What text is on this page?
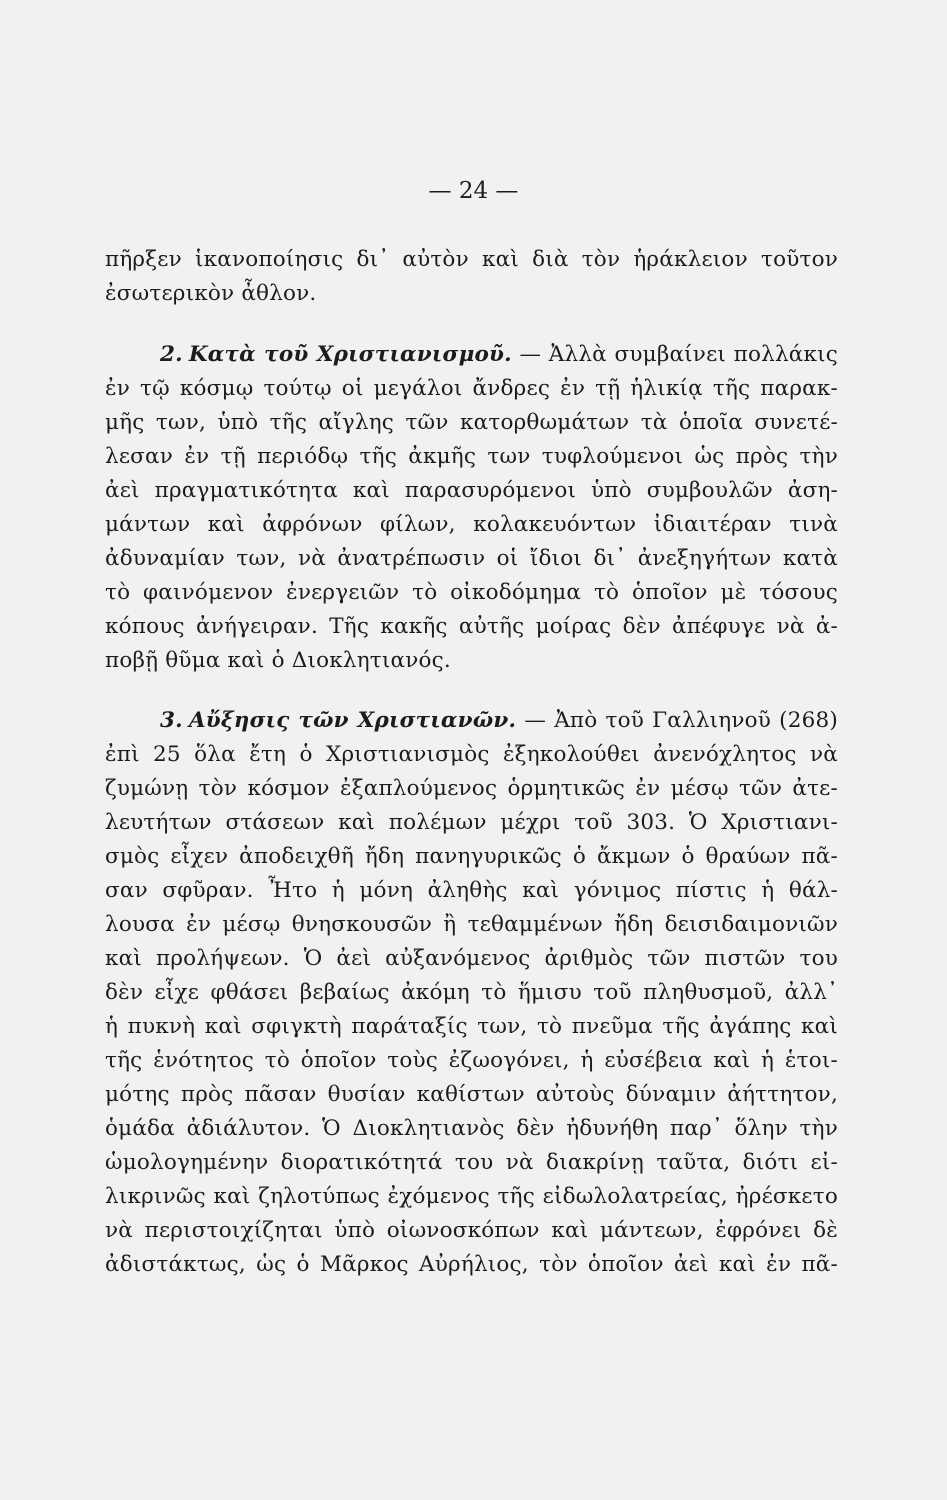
— 24 —
πῆρξεν ἱκανοποίησις δι᾽ αὐτὸν καὶ διὰ τὸν ἡράκλειον τοῦτον
ἐσωτερικὸν ἆθλον.
2. Κατὰ τοῦ Χριστιανισμοῦ. — Ἀλλὰ συμβαίνει πολλάκις
ἐν τῷ κόσμῳ τούτῳ οἱ μεγάλοι ἄνδρες ἐν τῇ ἡλικίᾳ τῆς παρακ-
μῆς των, ὑπὸ τῆς αἴγλης τῶν κατορθωμάτων τὰ ὁποῖα συνετέ-
λεσαν ἐν τῇ περιόδῳ τῆς ἀκμῆς των τυφλούμενοι ὡς πρὸς τὴν
ἀεὶ πραγματικότητα καὶ παρασυρόμενοι ὑπὸ συμβουλῶν ἀση-
μάντων καὶ ἀφρόνων φίλων, κολακευόντων ἰδιαιτέραν τινὰ
ἀδυναμίαν των, νὰ ἀνατρέπωσιν οἱ ἴδιοι δι᾽ ἀνεξηγήτων κατὰ
τὸ φαινόμενον ἐνεργειῶν τὸ οἰκοδόμημα τὸ ὁποῖον μὲ τόσους
κόπους ἀνήγειραν. Τῆς κακῆς αὐτῆς μοίρας δὲν ἀπέφυγε νὰ ἀ-
ποβῇ θῦμα καὶ ὁ Διοκλητιανός.
3. Αὔξησις τῶν Χριστιανῶν. — Ἀπὸ τοῦ Γαλλιηνοῦ (268)
ἐπὶ 25 ὅλα ἔτη ὁ Χριστιανισμὸς ἐξηκολούθει ἀνενόχλητος νὰ
ζυμώνῃ τὸν κόσμον ἐξαπλούμενος ὁρμητικῶς ἐν μέσῳ τῶν ἀτε-
λευτήτων στάσεων καὶ πολέμων μέχρι τοῦ 303. Ὁ Χριστιανι-
σμὸς εἶχεν ἀποδειχθῆ ἤδη πανηγυρικῶς ὁ ἄκμων ὁ θραύων πᾶ-
σαν σφῦραν. Ἦτο ἡ μόνη ἀληθὴς καὶ γόνιμος πίστις ἡ θάλ-
λουσα ἐν μέσῳ θνησκουσῶν ἢ τεθαμμένων ἤδη δεισιδαιμονιῶν
καὶ προλήψεων. Ὁ ἀεὶ αὐξανόμενος ἀριθμὸς τῶν πιστῶν του
δὲν εἶχε φθάσει βεβαίως ἀκόμη τὸ ἥμισυ τοῦ πληθυσμοῦ, ἀλλ᾽
ἡ πυκνὴ καὶ σφιγκτὴ παράταξίς των, τὸ πνεῦμα τῆς ἀγάπης καὶ
τῆς ἑνότητος τὸ ὁποῖον τοὺς ἐζωογόνει, ἡ εὐσέβεια καὶ ἡ ἑτοι-
μότης πρὸς πᾶσαν θυσίαν καθίστων αὐτοὺς δύναμιν ἀήττητον,
ὁμάδα ἀδιάλυτον. Ὁ Διοκλητιανὸς δὲν ἠδυνήθη παρ᾽ ὅλην τὴν
ὡμολογημένην διορατικότητά του νὰ διακρίνῃ ταῦτα, διότι εἰ-
λικρινῶς καὶ ζηλοτύπως ἐχόμενος τῆς εἰδωλολατρείας, ἠρέσκετο
νὰ περιστοιχίζηται ὑπὸ οἰωνοσκόπων καὶ μάντεων, ἐφρόνει δὲ
ἀδιστάκτως, ὡς ὁ Μᾶρκος Αὐρήλιος, τὸν ὁποῖον ἀεὶ καὶ ἐν πᾶ-
